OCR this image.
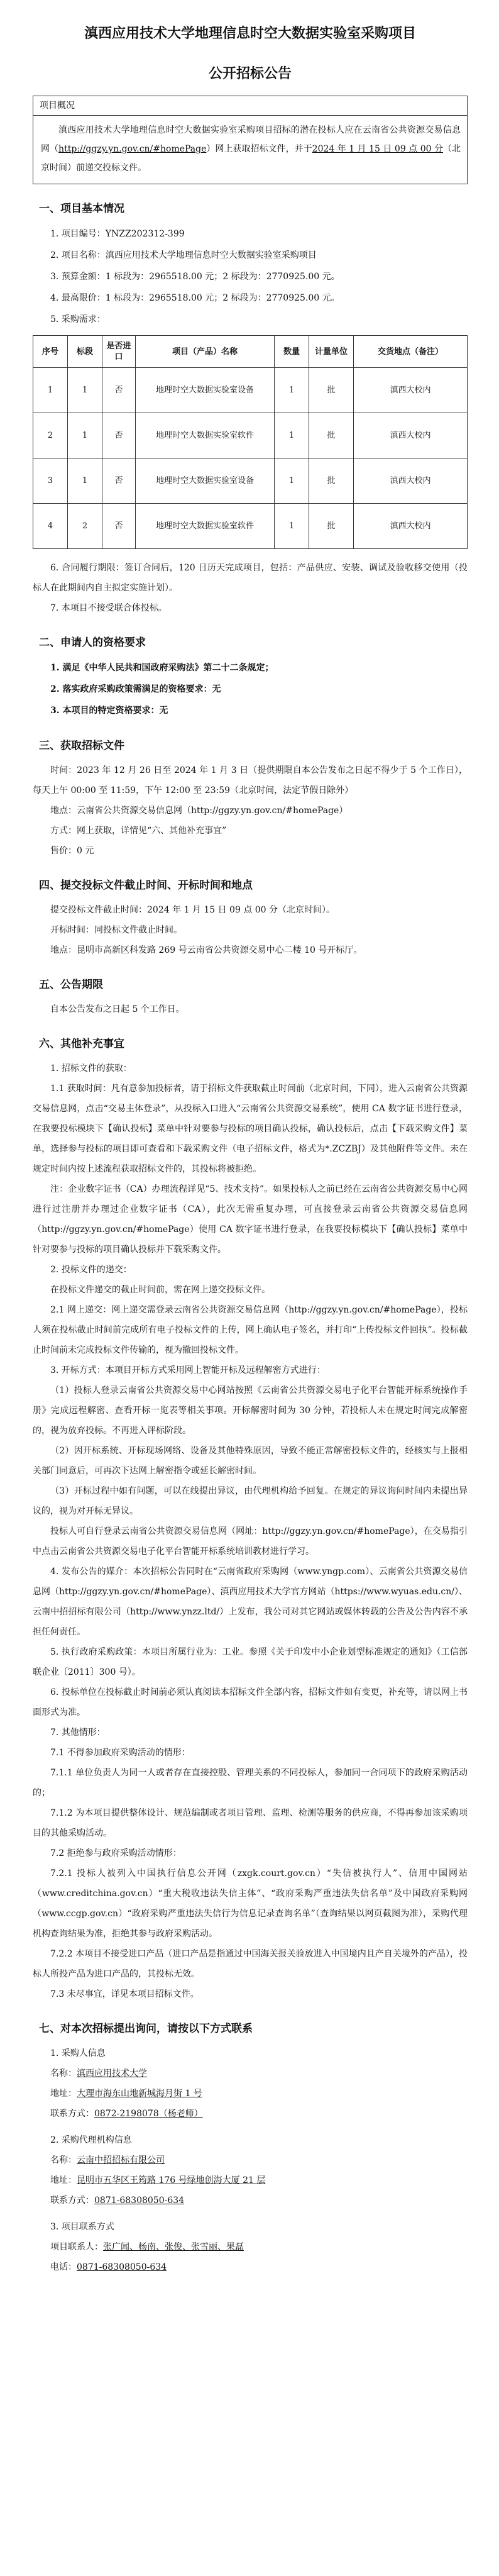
滇西应用技术大学地理信息时空大数据实验室采购项目
公开招标公告
项目概况
滇西应用技术大学地理信息时空大数据实验室采购项目招标的潜在投标人应在云南省公共资源交易信息网（http://ggzy.yn.gov.cn/#homePage）网上获取招标文件，并于2024 年 1 月 15 日 09 点 00 分（北京时间）前递交投标文件。
一、项目基本情况
1. 项目编号：YNZZ202312-399
2. 项目名称：滇西应用技术大学地理信息时空大数据实验室采购项目
3. 预算金额：1 标段为：2965518.00 元；2 标段为：2770925.00 元。
4. 最高限价：1 标段为：2965518.00 元；2 标段为：2770925.00 元。
5. 采购需求：
序号	标段	是否进口	项目（产品）名称	数量	计量单位	交货地点（备注）
1	1	否	地理时空大数据实验室设备	1	批	滇西大校内
2	1	否	地理时空大数据实验室软件	1	批	滇西大校内
3	1	否	地理时空大数据实验室设备	1	批	滇西大校内
4	2	否	地理时空大数据实验室软件	1	批	滇西大校内
6. 合同履行期限：签订合同后，120 日历天完成项目，包括：产品供应、安装、调试及验收移交使用（投标人在此期间内自主拟定实施计划）。
7. 本项目不接受联合体投标。
二、申请人的资格要求
1. 满足《中华人民共和国政府采购法》第二十二条规定；
2. 落实政府采购政策需满足的资格要求：无
3. 本项目的特定资格要求：无
三、获取招标文件
时间：2023 年 12 月 26 日至 2024 年 1 月 3 日（提供期限自本公告发布之日起不得少于 5 个工作日），每天上午 00:00 至 11:59，下午 12:00 至 23:59（北京时间，法定节假日除外）
地点：云南省公共资源交易信息网（http://ggzy.yn.gov.cn/#homePage）
方式：网上获取，详情见“六、其他补充事宜”
售价：0 元
四、提交投标文件截止时间、开标时间和地点
提交投标文件截止时间：2024 年 1 月 15 日 09 点 00 分（北京时间）。
开标时间：同投标文件截止时间。
地点：昆明市高新区科发路 269 号云南省公共资源交易中心二楼 10 号开标厅。
五、公告期限
自本公告发布之日起 5 个工作日。
六、其他补充事宜
1. 招标文件的获取：
1.1 获取时间：凡有意参加投标者，请于招标文件获取截止时间前（北京时间，下同），进入云南省公共资源交易信息网，点击“交易主体登录”，从投标入口进入“云南省公共资源交易系统”，使用 CA 数字证书进行登录，在我要投标模块下【确认投标】菜单中针对要参与投标的项目确认投标，确认投标后，点击【下载采购文件】菜单，选择参与投标的项目即可查看和下载采购文件（电子招标文件，格式为*.ZCZBJ）及其他附件等文件。未在规定时间内按上述流程获取招标文件的，其投标将被拒绝。
注：企业数字证书（CA）办理流程详见“5、技术支持”。如果投标人之前已经在云南省公共资源交易中心网进行过注册并办理过企业数字证书（CA），此次无需重复办理，可直接登录云南省公共资源交易信息网（http://ggzy.yn.gov.cn/#homePage）使用 CA 数字证书进行登录，在我要投标模块下【确认投标】菜单中针对要参与投标的项目确认投标并下载采购文件。
2. 投标文件的递交：
在投标文件递交的截止时间前，需在网上递交投标文件。
2.1 网上递交：网上递交需登录云南省公共资源交易信息网（http://ggzy.yn.gov.cn/#homePage），投标人须在投标截止时间前完成所有电子投标文件的上传，网上确认电子签名，并打印“上传投标文件回执”。投标截止时间前未完成投标文件传输的，视为撤回投标文件。
3. 开标方式：本项目开标方式采用网上智能开标及远程解密方式进行：
（1）投标人登录云南省公共资源交易中心网站按照《云南省公共资源交易电子化平台智能开标系统操作手册》完成远程解密、查看开标一览表等相关事项。开标解密时间为 30 分钟，若投标人未在规定时间完成解密的，视为放弃投标。不再进入评标阶段。
（2）因开标系统、开标现场网络、设备及其他特殊原因，导致不能正常解密投标文件的，经核实与上报相关部门同意后，可再次下达网上解密指令或延长解密时间。
（3）开标过程中如有问题，可以在线提出异议，由代理机构给予回复。在规定的异议询问时间内未提出异议的，视为对开标无异议。
投标人可自行登录云南省公共资源交易信息网（网址：http://ggzy.yn.gov.cn/#homePage），在交易指引中点击云南省公共资源交易电子化平台智能开标系统培训教材进行学习。
4. 发布公告的媒介：本次招标公告同时在“云南省政府采购网（www.yngp.com）、云南省公共资源交易信息网（http://ggzy.yn.gov.cn/#homePage）、滇西应用技术大学官方网站（https://www.wyuas.edu.cn/）、云南中招招标有限公司（http://www.ynzz.ltd/）上发布，我公司对其它网站或媒体转载的公告及公告内容不承担任何责任。
5. 执行政府采购政策：本项目所属行业为：工业。参照《关于印发中小企业划型标准规定的通知》（工信部联企业〔2011〕300 号）。
6. 投标单位在投标截止时间前必须认真阅读本招标文件全部内容，招标文件如有变更，补充等，请以网上书面形式为准。
7. 其他情形：
7.1 不得参加政府采购活动的情形：
7.1.1 单位负责人为同一人或者存在直接控股、管理关系的不同投标人，参加同一合同项下的政府采购活动的；
7.1.2 为本项目提供整体设计、规范编制或者项目管理、监理、检测等服务的供应商，不得再参加该采购项目的其他采购活动。
7.2 拒绝参与政府采购活动情形：
7.2.1 投标人被列入中国执行信息公开网（zxgk.court.gov.cn）“失信被执行人”、信用中国网站（www.creditchina.gov.cn）“重大税收违法失信主体”、“政府采购严重违法失信名单”及中国政府采购网（www.ccgp.gov.cn）“政府采购严重违法失信行为信息记录查询名单”（查询结果以网页截图为准），采购代理机构查询结果为准，拒绝其参与政府采购活动。
7.2.2 本项目不接受进口产品（进口产品是指通过中国海关报关验放进入中国境内且产自关境外的产品），投标人所投产品为进口产品的，其投标无效。
7.3 未尽事宜，详见本项目招标文件。
七、对本次招标提出询问，请按以下方式联系
1. 采购人信息
名称：滇西应用技术大学
地址：大理市海东山地新城海月街 1 号
联系方式：0872-2198078（杨老师）
2. 采购代理机构信息
名称：云南中招招标有限公司
地址：昆明市五华区王筠路 176 号绿地创海大厦 21 层
联系方式：0871-68308050-634
3. 项目联系方式
项目联系人：张广闻、杨南、张俊、张雪丽、果磊
电话：0871-68308050-634
